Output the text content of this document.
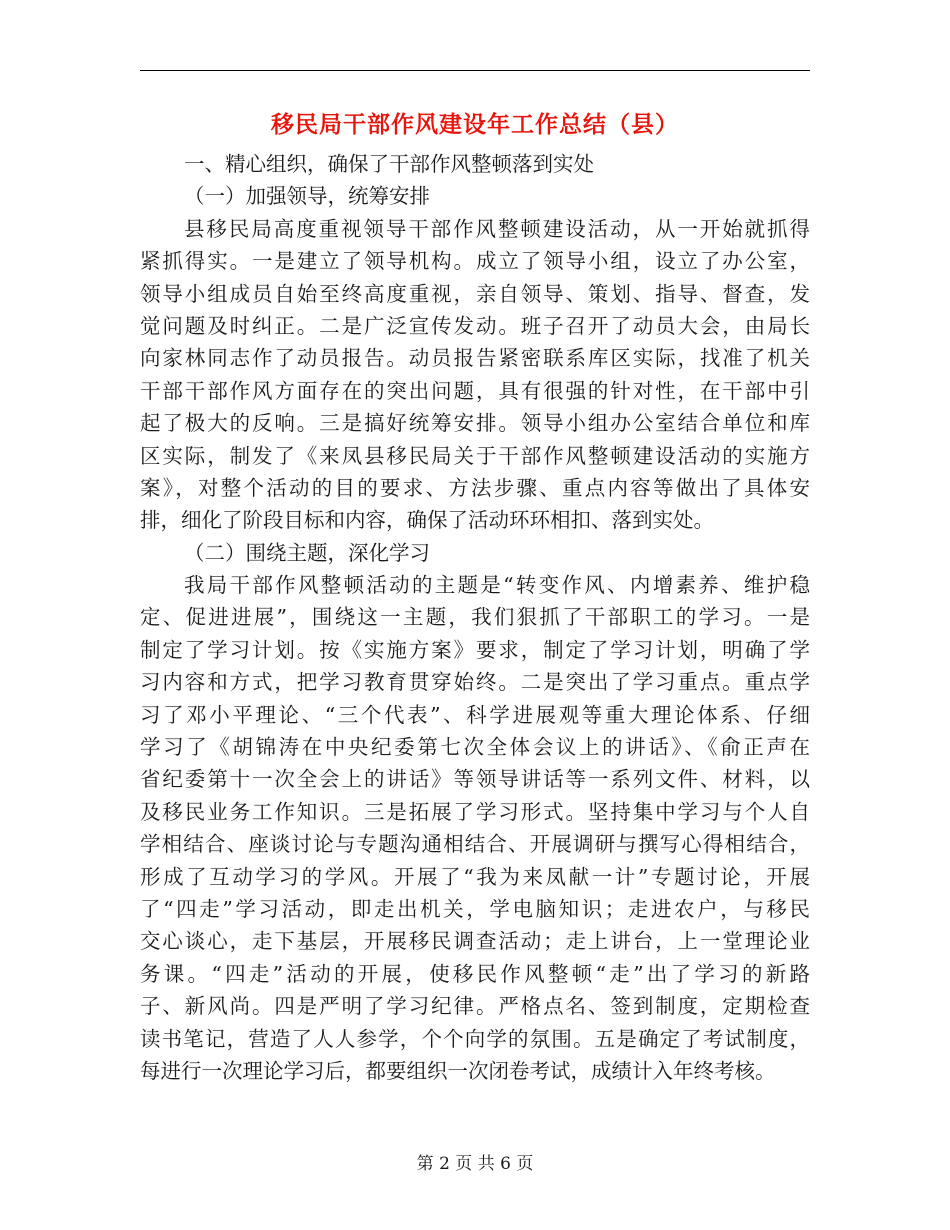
移民局干部作风建设年工作总结（县）
一、精心组织，确保了干部作风整顿落到实处
（一）加强领导，统筹安排
县移民局高度重视领导干部作风整顿建设活动，从一开始就抓得
紧抓得实。一是建立了领导机构。成立了领导小组，设立了办公室，
领导小组成员自始至终高度重视，亲自领导、策划、指导、督查，发
觉问题及时纠正。二是广泛宣传发动。班子召开了动员大会，由局长
向家林同志作了动员报告。动员报告紧密联系库区实际，找准了机关
干部干部作风方面存在的突出问题，具有很强的针对性，在干部中引
起了极大的反响。三是搞好统筹安排。领导小组办公室结合单位和库
区实际，制发了《来凤县移民局关于干部作风整顿建设活动的实施方
案》，对整个活动的目的要求、方法步骤、重点内容等做出了具体安
排，细化了阶段目标和内容，确保了活动环环相扣、落到实处。
（二）围绕主题，深化学习
我局干部作风整顿活动的主题是“转变作风、内增素养、维护稳
定、促进进展”，围绕这一主题，我们狠抓了干部职工的学习。一是
制定了学习计划。按《实施方案》要求，制定了学习计划，明确了学
习内容和方式，把学习教育贯穿始终。二是突出了学习重点。重点学
习了邓小平理论、“三个代表”、科学进展观等重大理论体系、仔细
学习了《胡锦涛在中央纪委第七次全体会议上的讲话》、《俞正声在
省纪委第十一次全会上的讲话》等领导讲话等一系列文件、材料，以
及移民业务工作知识。三是拓展了学习形式。坚持集中学习与个人自
学相结合、座谈讨论与专题沟通相结合、开展调研与撰写心得相结合，
形成了互动学习的学风。开展了“我为来凤献一计”专题讨论，开展
了“四走”学习活动，即走出机关，学电脑知识；走进农户，与移民
交心谈心，走下基层，开展移民调查活动；走上讲台，上一堂理论业
务课。“四走”活动的开展，使移民作风整顿“走”出了学习的新路
子、新风尚。四是严明了学习纪律。严格点名、签到制度，定期检查
读书笔记，营造了人人参学，个个向学的氛围。五是确定了考试制度，
每进行一次理论学习后，都要组织一次闭卷考试，成绩计入年终考核。
第 2 页 共 6 页
